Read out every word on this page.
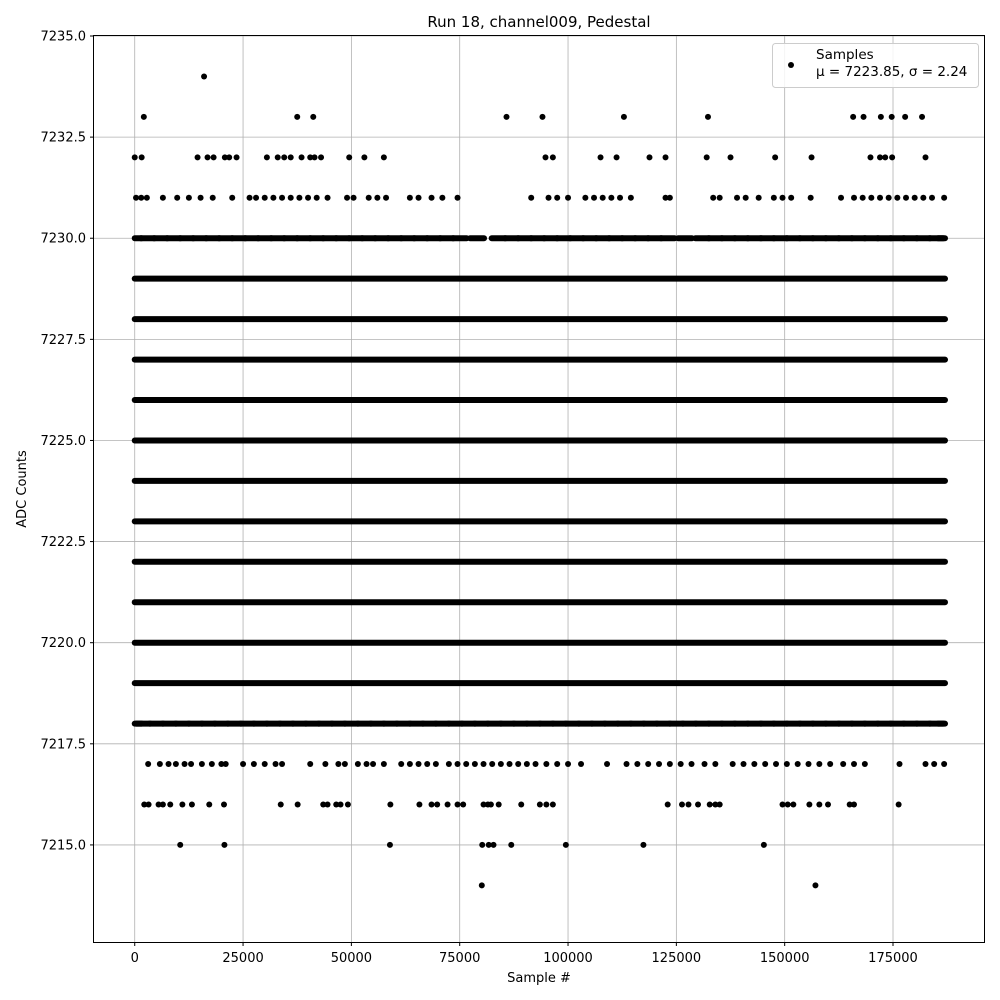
Run 18, channel009, Pedestal
0	25000	50000	75000	100000	125000	150000	175000
7215.0
7217.5
7220.0
7222.5
7225.0
7227.5
7230.0
7232.5
7235.0
Sample #
ADC Counts
Samples
μ = 7223.85, σ = 2.24
